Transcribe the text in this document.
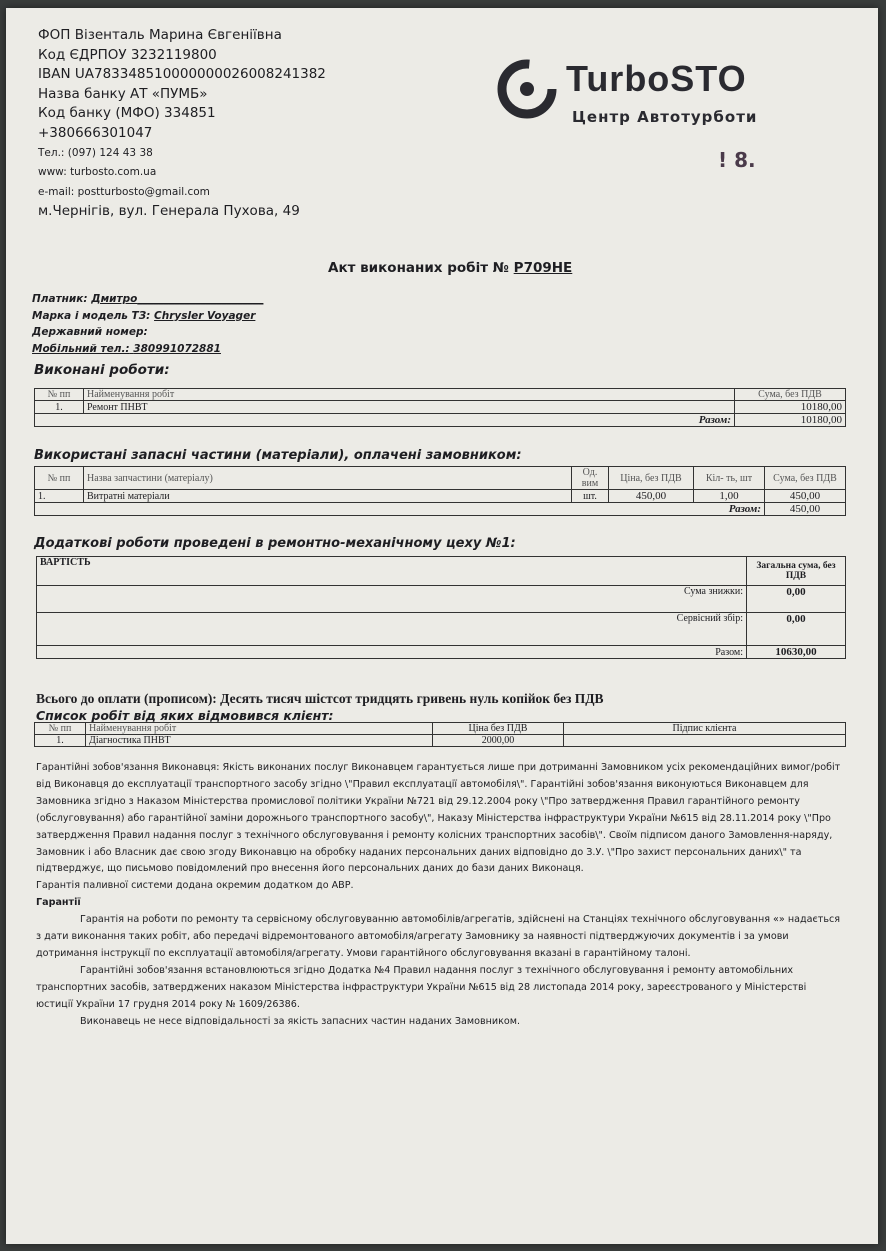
ФОП Візенталь Марина Євгеніївна
Код ЄДРПОУ 3232119800
IBAN UA783348510000000026008241382
Назва банку АТ «ПУМБ»
Код банку (МФО) 334851
+380666301047
Тел.: (097) 124 43 38
www: turbosto.com.ua
e-mail: postturbosto@gmail.com
м.Чернігів, вул. Генерала Пухова, 49
TurboSTO
Центр Автотурботи
! 8.
Акт виконаних робіт № P709HE
Платник: Дмитро________________________
Марка і модель ТЗ: Chrysler Voyager
Державний номер:
Мобільний тел.: 380991072881
Виконані роботи:
№ пп	Найменування робіт	Сума, без ПДВ
1.	Ремонт ПНВТ	10180,00
Разом:		10180,00
Використані запасні частини (матеріали), оплачені замовником:
№ пп	Назва запчастини (матеріалу)	Од. вим	Ціна, без ПДВ	Кіл- ть, шт	Сума, без ПДВ
1.	Витратні матеріали	шт.	450,00	1,00	450,00
Разом:					450,00
Додаткові роботи проведені в ремонтно-механічному цеху №1:
ВАРТІСТЬ	Загальна сума, без ПДВ
Сума знижки:	0,00
Сервісний збір:	0,00
Разом:	10630,00
Всього до оплати (прописом): Десять тисяч шістсот тридцять гривень нуль копійок без ПДВ
Список робіт від яких відмовився клієнт:
№ пп	Найменування робіт	Ціна без ПДВ	Підпис клієнта
1.	Діагностика ПНВТ	2000,00	

Гарантійні зобов'язання Виконавця: Якість виконаних послуг Виконавцем гарантується лише при дотриманні Замовником усіх рекомендаційних вимог/робіт від Виконавця до експлуатації транспортного засобу згідно \"Правил експлуатації автомобіля\". Гарантійні зобов'язання виконуються Виконавцем для Замовника згідно з Наказом Міністерства промислової політики України №721 від 29.12.2004 року \"Про затвердження Правил гарантійного ремонту (обслуговування) або гарантійної заміни дорожнього транспортного засобу\", Наказу Міністерства інфраструктури України №615 від 28.11.2014 року \"Про затвердження Правил надання послуг з технічного обслуговування і ремонту колісних транспортних засобів\". Своїм підписом даного Замовлення-наряду, Замовник і або Власник дає свою згоду Виконавцю на обробку наданих персональних даних відповідно до З.У. \"Про захист персональних даних\" та підтверджує, що письмово повідомлений про внесення його персональних даних до бази даних Виконаця.

Гарантія паливної системи додана окремим додатком до АВР.

Гарантії

Гарантія на роботи по ремонту та сервісному обслуговуванню автомобілів/агрегатів, здійснені на Станціях технічного обслуговування «» надається з дати виконання таких робіт, або передачі відремонтованого автомобіля/агрегату Замовнику за наявності підтверджуючих документів і за умови дотримання інструкції по експлуатації автомобіля/агрегату. Умови гарантійного обслуговування вказані в гарантійному талоні.

Гарантійні зобов'язання встановлюються згідно Додатка №4 Правил надання послуг з технічного обслуговування і ремонту автомобільних транспортних засобів, затверджених наказом Міністерства інфраструктури України №615 від 28 листопада 2014 року, зареєстрованого у Міністерстві юстиції України 17 грудня 2014 року № 1609/26386.

Виконавець не несе відповідальності за якість запасних частин наданих Замовником.
